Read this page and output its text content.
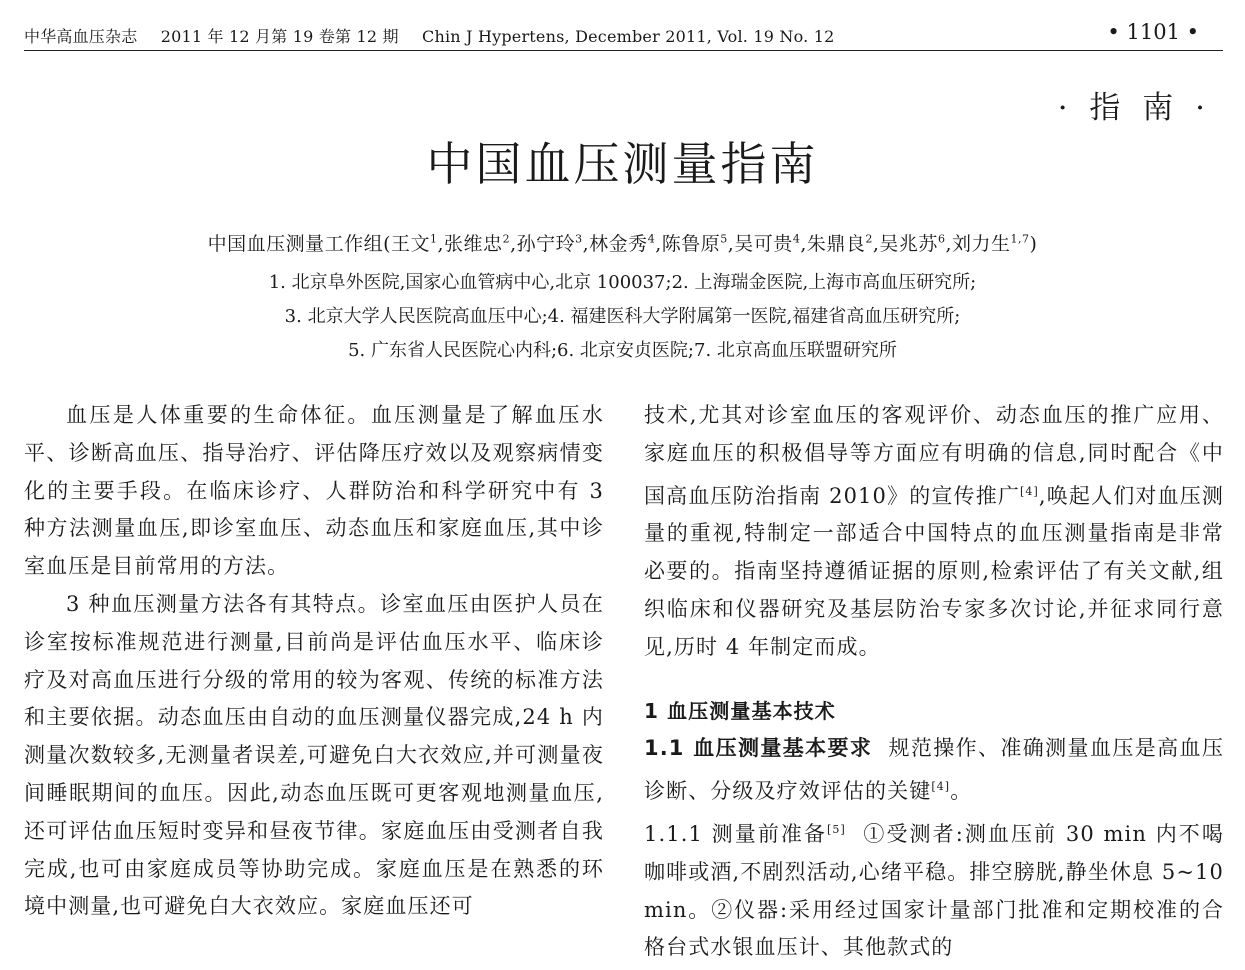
中华高血压杂志 2011 年 12 月第 19 卷第 12 期 Chin J Hypertens, December 2011, Vol. 19 No. 12	• 1101 •
· 指 南 ·
中国血压测量指南
中国血压测量工作组(王文$^1$,张维忠$^2$,孙宁玲$^3$,林金秀$^4$,陈鲁原$^5$,吴可贵$^4$,朱鼎良$^2$,吴兆苏$^6$,刘力生$^{1,7}$)
1. 北京阜外医院,国家心血管病中心,北京 100037;2. 上海瑞金医院,上海市高血压研究所;
3. 北京大学人民医院高血压中心;4. 福建医科大学附属第一医院,福建省高血压研究所;
5. 广东省人民医院心内科;6. 北京安贞医院;7. 北京高血压联盟研究所

血压是人体重要的生命体征。血压测量是了解血压水平、诊断高血压、指导治疗、评估降压疗效以及观察病情变化的主要手段。在临床诊疗、人群防治和科学研究中有 3 种方法测量血压,即诊室血压、动态血压和家庭血压,其中诊室血压是目前常用的方法。

3 种血压测量方法各有其特点。诊室血压由医护人员在诊室按标准规范进行测量,目前尚是评估血压水平、临床诊疗及对高血压进行分级的常用的较为客观、传统的标准方法和主要依据。动态血压由自动的血压测量仪器完成,24 h 内测量次数较多,无测量者误差,可避免白大衣效应,并可测量夜间睡眠期间的血压。因此,动态血压既可更客观地测量血压,还可评估血压短时变异和昼夜节律。家庭血压由受测者自我完成,也可由家庭成员等协助完成。家庭血压是在熟悉的环境中测量,也可避免白大衣效应。家庭血压还可

技术,尤其对诊室血压的客观评价、动态血压的推广应用、家庭血压的积极倡导等方面应有明确的信息,同时配合《中国高血压防治指南 2010》的宣传推广[4],唤起人们对血压测量的重视,特制定一部适合中国特点的血压测量指南是非常必要的。指南坚持遵循证据的原则,检索评估了有关文献,组织临床和仪器研究及基层防治专家多次讨论,并征求同行意见,历时 4 年制定而成。

1 血压测量基本技术

1.1 血压测量基本要求 规范操作、准确测量血压是高血压诊断、分级及疗效评估的关键[4]。

1.1.1 测量前准备[5] ①受测者:测血压前 30 min 内不喝咖啡或酒,不剧烈活动,心绪平稳。排空膀胱,静坐休息 5~10 min。②仪器:采用经过国家计量部门批准和定期校准的合格台式水银血压计、其他款式的
